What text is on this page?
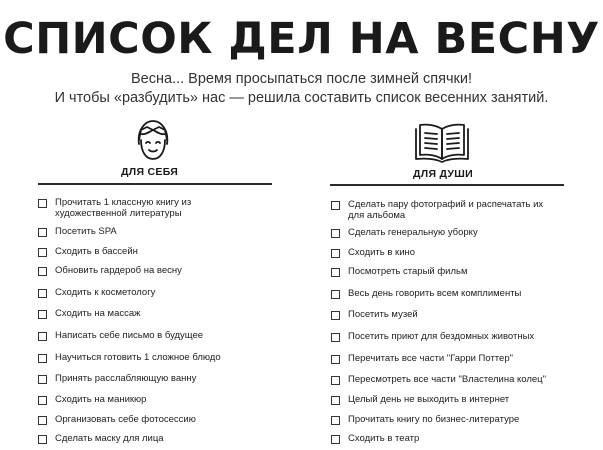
СПИСОК ДЕЛ НА ВЕСНУ
Весна... Время просыпаться после зимней спячки!
И чтобы «разбудить» нас — решила составить список весенних занятий.
ДЛЯ СЕБЯ	ДЛЯ ДУШИ
Прочитать 1 классную книгу из
художественной литературы
Посетить SPA
Сходить в бассейн
Обновить гардероб на весну
Сходить к косметологу
Сходить на массаж
Написать себе письмо в будущее
Научиться готовить 1 сложное блюдо
Принять расслабляющую ванну
Сходить на маникюр
Организовать себе фотосессию
Сделать маску для лица
Сделать пару фотографий и распечатать их
для альбома
Сделать генеральную уборку
Сходить в кино
Посмотреть старый фильм
Весь день говорить всем комплименты
Посетить музей
Посетить приют для бездомных животных
Перечитать все части "Гарри Поттер"
Пересмотреть все части "Властелина колец"
Целый день не выходить в интернет
Прочитать книгу по бизнес-литературе
Сходить в театр
